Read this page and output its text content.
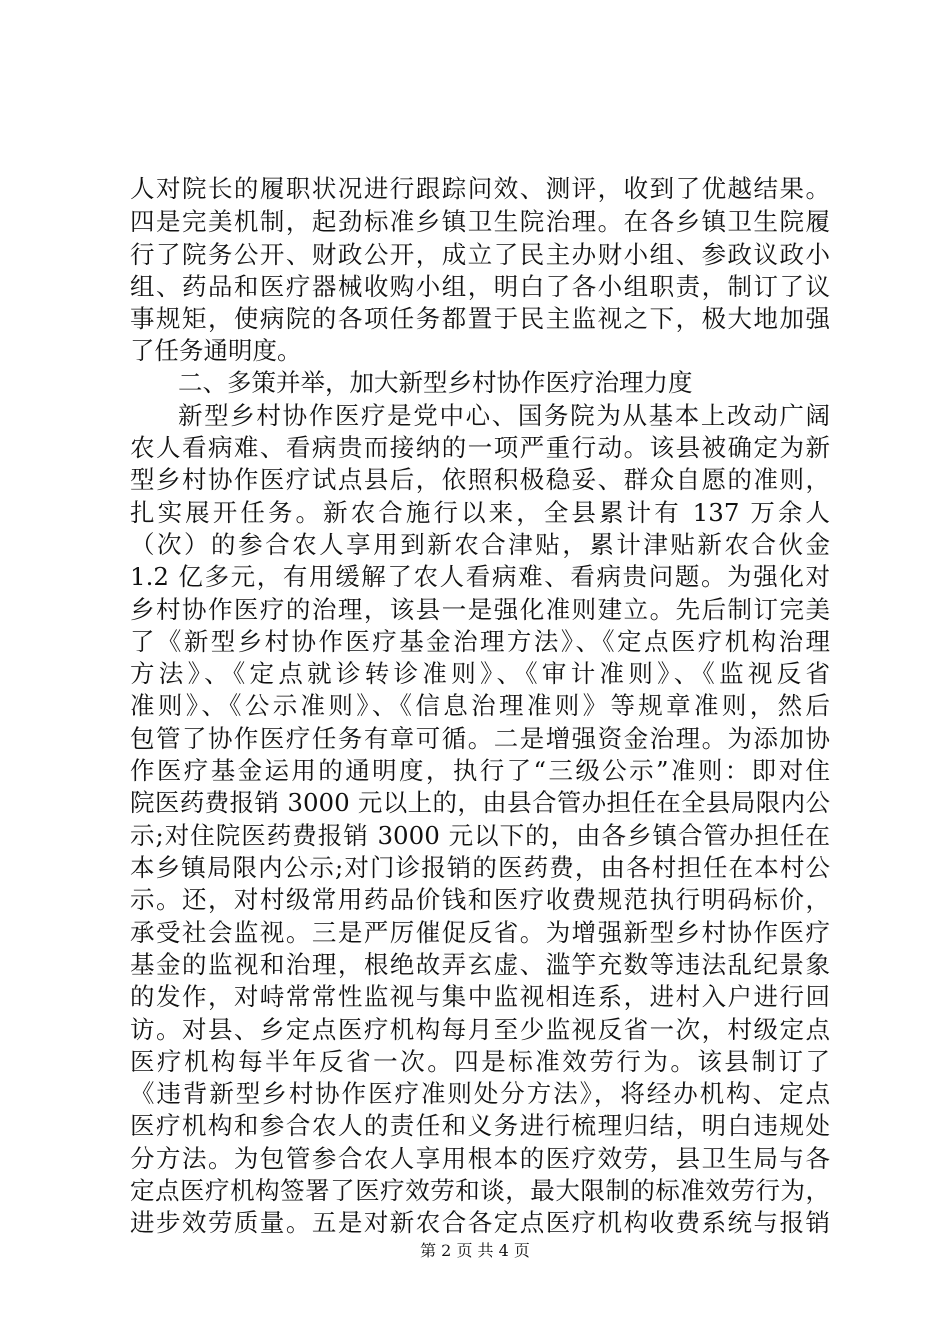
人对院长的履职状况进行跟踪问效、测评，收到了优越结果。
四是完美机制，起劲标准乡镇卫生院治理。在各乡镇卫生院履
行了院务公开、财政公开，成立了民主办财小组、参政议政小
组、药品和医疗器械收购小组，明白了各小组职责，制订了议
事规矩，使病院的各项任务都置于民主监视之下，极大地加强
了任务通明度。
二、多策并举，加大新型乡村协作医疗治理力度
新型乡村协作医疗是党中心、国务院为从基本上改动广阔
农人看病难、看病贵而接纳的一项严重行动。该县被确定为新
型乡村协作医疗试点县后，依照积极稳妥、群众自愿的准则，
扎实展开任务。新农合施行以来，全县累计有 137 万余人
（次）的参合农人享用到新农合津贴，累计津贴新农合伙金
1.2 亿多元，有用缓解了农人看病难、看病贵问题。为强化对
乡村协作医疗的治理，该县一是强化准则建立。先后制订完美
了《新型乡村协作医疗基金治理方法》、《定点医疗机构治理
方法》、《定点就诊转诊准则》、《审计准则》、《监视反省
准则》、《公示准则》、《信息治理准则》等规章准则，然后
包管了协作医疗任务有章可循。二是增强资金治理。为添加协
作医疗基金运用的通明度，执行了“三级公示”准则：即对住
院医药费报销 3000 元以上的，由县合管办担任在全县局限内公
示;对住院医药费报销 3000 元以下的，由各乡镇合管办担任在
本乡镇局限内公示;对门诊报销的医药费，由各村担任在本村公
示。还，对村级常用药品价钱和医疗收费规范执行明码标价，
承受社会监视。三是严厉催促反省。为增强新型乡村协作医疗
基金的监视和治理，根绝故弄玄虚、滥竽充数等违法乱纪景象
的发作，对峙常常性监视与集中监视相连系，进村入户进行回
访。对县、乡定点医疗机构每月至少监视反省一次，村级定点
医疗机构每半年反省一次。四是标准效劳行为。该县制订了
《违背新型乡村协作医疗准则处分方法》，将经办机构、定点
医疗机构和参合农人的责任和义务进行梳理归结，明白违规处
分方法。为包管参合农人享用根本的医疗效劳，县卫生局与各
定点医疗机构签署了医疗效劳和谈，最大限制的标准效劳行为，
进步效劳质量。五是对新农合各定点医疗机构收费系统与报销
第 2 页 共 4 页
